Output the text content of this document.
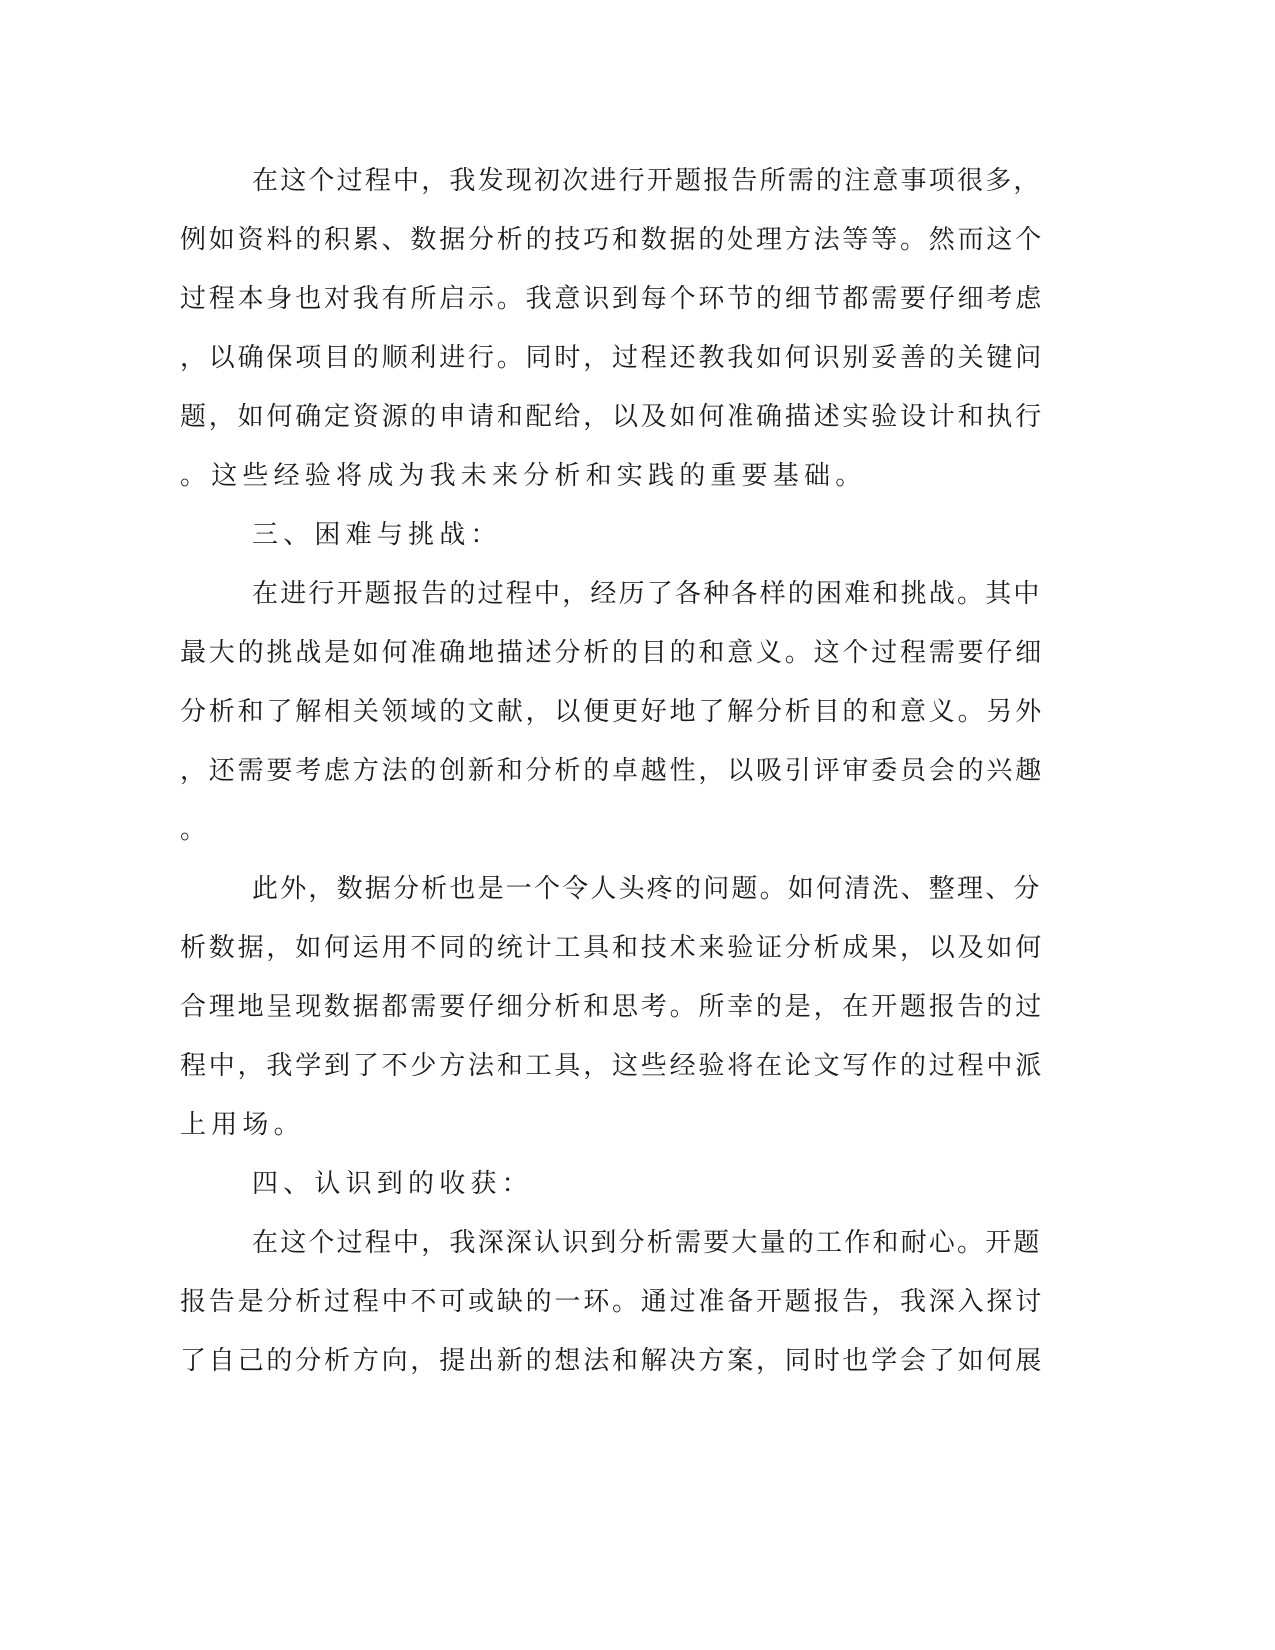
在这个过程中，我发现初次进行开题报告所需的注意事项很多，
例如资料的积累、数据分析的技巧和数据的处理方法等等。然而这个
过程本身也对我有所启示。我意识到每个环节的细节都需要仔细考虑
，以确保项目的顺利进行。同时，过程还教我如何识别妥善的关键问
题，如何确定资源的申请和配给，以及如何准确描述实验设计和执行
。这些经验将成为我未来分析和实践的重要基础。
三、困难与挑战：
在进行开题报告的过程中，经历了各种各样的困难和挑战。其中
最大的挑战是如何准确地描述分析的目的和意义。这个过程需要仔细
分析和了解相关领域的文献，以便更好地了解分析目的和意义。另外
，还需要考虑方法的创新和分析的卓越性，以吸引评审委员会的兴趣
。
此外，数据分析也是一个令人头疼的问题。如何清洗、整理、分
析数据，如何运用不同的统计工具和技术来验证分析成果，以及如何
合理地呈现数据都需要仔细分析和思考。所幸的是，在开题报告的过
程中，我学到了不少方法和工具，这些经验将在论文写作的过程中派
上用场。
四、认识到的收获：
在这个过程中，我深深认识到分析需要大量的工作和耐心。开题
报告是分析过程中不可或缺的一环。通过准备开题报告，我深入探讨
了自己的分析方向，提出新的想法和解决方案，同时也学会了如何展
